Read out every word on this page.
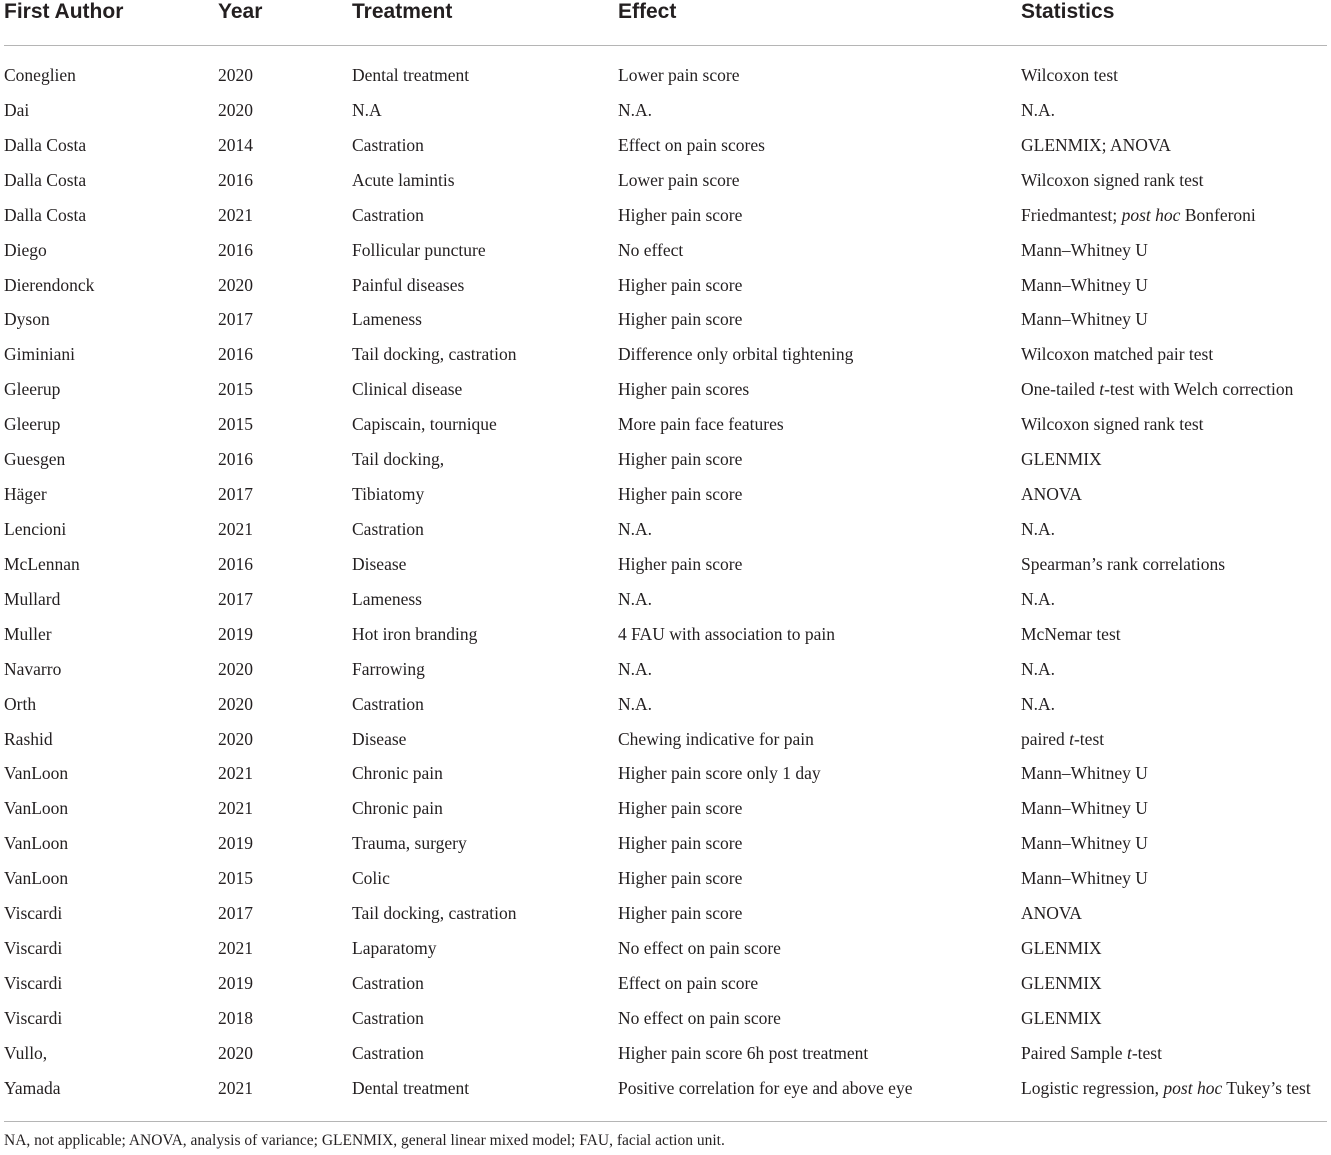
First Author	Year	Treatment	Effect	Statistics
Coneglien	2020	Dental treatment	Lower pain score	Wilcoxon test
Dai	2020	N.A	N.A.	N.A.
Dalla Costa	2014	Castration	Effect on pain scores	GLENMIX; ANOVA
Dalla Costa	2016	Acute lamintis	Lower pain score	Wilcoxon signed rank test
Dalla Costa	2021	Castration	Higher pain score	Friedmantest; post hoc Bonferoni
Diego	2016	Follicular puncture	No effect	Mann–Whitney U
Dierendonck	2020	Painful diseases	Higher pain score	Mann–Whitney U
Dyson	2017	Lameness	Higher pain score	Mann–Whitney U
Giminiani	2016	Tail docking, castration	Difference only orbital tightening	Wilcoxon matched pair test
Gleerup	2015	Clinical disease	Higher pain scores	One-tailed t-test with Welch correction
Gleerup	2015	Capiscain, tournique	More pain face features	Wilcoxon signed rank test
Guesgen	2016	Tail docking,	Higher pain score	GLENMIX
Häger	2017	Tibiatomy	Higher pain score	ANOVA
Lencioni	2021	Castration	N.A.	N.A.
McLennan	2016	Disease	Higher pain score	Spearman’s rank correlations
Mullard	2017	Lameness	N.A.	N.A.
Muller	2019	Hot iron branding	4 FAU with association to pain	McNemar test
Navarro	2020	Farrowing	N.A.	N.A.
Orth	2020	Castration	N.A.	N.A.
Rashid	2020	Disease	Chewing indicative for pain	paired t-test
VanLoon	2021	Chronic pain	Higher pain score only 1 day	Mann–Whitney U
VanLoon	2021	Chronic pain	Higher pain score	Mann–Whitney U
VanLoon	2019	Trauma, surgery	Higher pain score	Mann–Whitney U
VanLoon	2015	Colic	Higher pain score	Mann–Whitney U
Viscardi	2017	Tail docking, castration	Higher pain score	ANOVA
Viscardi	2021	Laparatomy	No effect on pain score	GLENMIX
Viscardi	2019	Castration	Effect on pain score	GLENMIX
Viscardi	2018	Castration	No effect on pain score	GLENMIX
Vullo,	2020	Castration	Higher pain score 6h post treatment	Paired Sample t-test
Yamada	2021	Dental treatment	Positive correlation for eye and above eye	Logistic regression, post hoc Tukey’s test
NA, not applicable; ANOVA, analysis of variance; GLENMIX, general linear mixed model; FAU, facial action unit.
